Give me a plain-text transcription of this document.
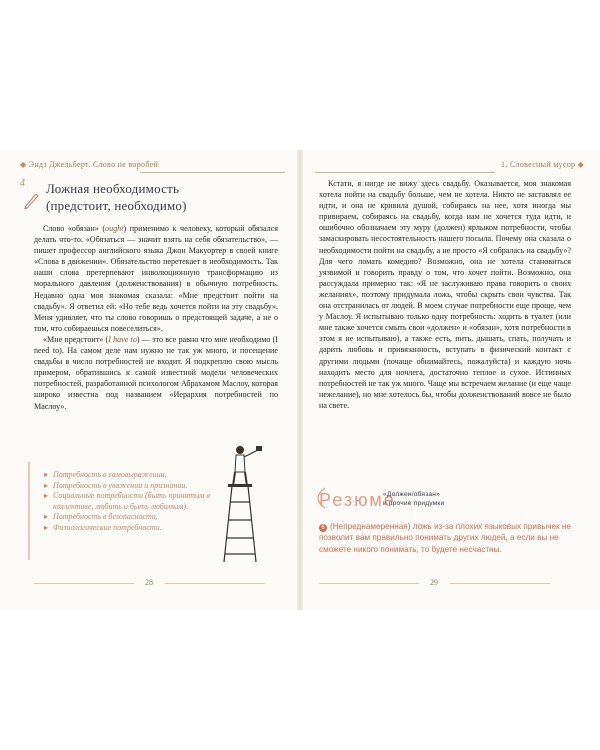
◆ Эндз Джельберт. Слово не воробей
4 Ложная необходимость
(предстоит, необходимо)

Слово «обязан» (ought) применимо к человеку, который обязался делать что-то. «Обязаться — значит взять на себя обязательство», — пишет профессор английского языка Джон Макуортер в своей книге «Слова в движении». Обязательство перетекает в необходимость. Так наши слова претерпевают инволюционную трансформацию из морального давления (долженствования) в обычную потребность. Недавно одна моя знакомая сказала: «Мне предстоит пойти на свадьбу». Я ответил ей: «Но тебе ведь хочется пойти на эту свадьбу». Меня удивляет, что ты слово говоришь о предстоящей задаче, а не о том, что собираешься повеселиться».

«Мне предстоит» (I have to) — это все равно что мне необходимо (I need to). На самом деле нам нужно не так уж много, и посещение свадьбы в число потребностей не входит. Я подкреплю свою мысль примером, обратившись к самой известной модели человеческих потребностей, разработанной психологом Абрахамом Маслоу, которая широко известна под названием «Иерархия потребностей по Маслоу».

▸ Потребность в самовыражении.
▸ Потребность в уважении и признании.
▸ Социальные потребности (быть принятым в коллективе, любить и быть любимым).
▸ Потребность в безопасности.
▸ Физиологические потребности.
28
1. Словесный мусор ◆

Кстати, я нигде не вижу здесь свадьбу. Оказывается, моя знакомая хотела пойти на свадьбу больше, чем не хотела. Никто не заставлял ее идти, и она не кривила душой, собираясь на нее, хотя иногда мы привираем, собираясь на свадьбу, когда нам не хочется туда идти, и ошибочно обозначаем эту муру (должен) ярлыком потребности, чтобы замаскировать несостоятельность нашего посыла. Почему она сказала о необходимости пойти на свадьбу, а не просто «Я собралась на свадьбу»? Для чего ломать комедию? Возможно, она не хотела становиться уязвимой и говорить правду о том, что хочет пойти. Возможно, она рассуждала примерно так: «Я не заслуживаю права говорить о своих желаниях», поэтому придумала ложь, чтобы скрыть свои чувства. Так она отстранилась от людей. В моем случае потребности еще проще, чем у Маслоу. Я испытываю только одну потребность: ходить в туалет (или мне также хочется смыть свои «должен» и «обязан», хотя потребности в этом я не испытываю), а также есть, пить, дышать, спать, получать и дарить любовь и привязанность, вступать в физический контакт с другими людьми (почаще обнимайтесь, пожалуйста) и каждую ночь находить место для ночлега, достаточно теплое и сухое. Истинных потребностей не так уж много. Чаще мы встречаем желание (и еще чаще нежелание), но мне хотелось бы, чтобы долженствований вовсе не было на свете.

Резюме
«Должен/обязан»
и прочие придумки
6 (Непреднамеренная) ложь из-за плохих языковых привычек не позволит вам правильно понимать других людей, а если вы не сможете никого понимать, то будете несчастны.
29
